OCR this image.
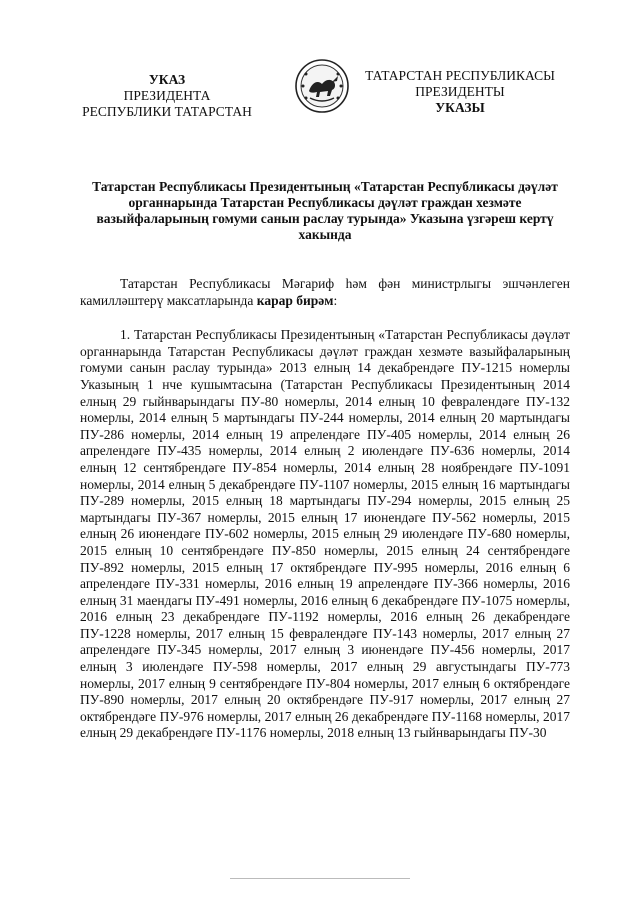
УКАЗ
ПРЕЗИДЕНТА
РЕСПУБЛИКИ ТАТАРСТАН
ТАТАРСТАН РЕСПУБЛИКАСЫ
ПРЕЗИДЕНТЫ
УКАЗЫ
Татарстан Республикасы Президентының «Татарстан Республикасы дәүләт органнарында Татарстан Республикасы дәүләт граждан хезмәте вазыйфаларының гомуми санын раслау турында» Указына үзгәреш кертү хакында

Татарстан Республикасы Мәгариф һәм фән министрлыгы эшчәнлеген камилләштерү максатларында карар бирәм:

1. Татарстан Республикасы Президентының «Татарстан Республикасы дәүләт органнарында Татарстан Республикасы дәүләт граждан хезмәте вазыйфаларының гомуми санын раслау турында» 2013 елның 14 декабрендәге ПУ-1215 номерлы Указының 1 нче кушымтасына (Татарстан Республикасы Президентының 2014 елның 29 гыйнварындагы ПУ-80 номерлы, 2014 елның 10 февралендәге ПУ-132 номерлы, 2014 елның 5 мартындагы ПУ-244 номерлы, 2014 елның 20 мартындагы ПУ-286 номерлы, 2014 елның 19 апрелендәге ПУ-405 номерлы, 2014 елның 26 апрелендәге ПУ-435 номерлы, 2014 елның 2 июлендәге ПУ-636 номерлы, 2014 елның 12 сентябрендәге ПУ-854 номерлы, 2014 елның 28 ноябрендәге ПУ-1091 номерлы, 2014 елның 5 декабрендәге ПУ-1107 номерлы, 2015 елның 16 мартындагы ПУ-289 номерлы, 2015 елның 18 мартындагы ПУ-294 номерлы, 2015 елның 25 мартындагы ПУ-367 номерлы, 2015 елның 17 июнендәге ПУ-562 номерлы, 2015 елның 26 июнендәге ПУ-602 номерлы, 2015 елның 29 июлендәге ПУ-680 номерлы, 2015 елның 10 сентябрендәге ПУ-850 номерлы, 2015 елның 24 сентябрендәге ПУ-892 номерлы, 2015 елның 17 октябрендәге ПУ-995 номерлы, 2016 елның 6 апрелендәге ПУ-331 номерлы, 2016 елның 19 апрелендәге ПУ-366 номерлы, 2016 елның 31 маендагы ПУ-491 номерлы, 2016 елның 6 декабрендәге ПУ-1075 номерлы, 2016 елның 23 декабрендәге ПУ-1192 номерлы, 2016 елның 26 декабрендәге ПУ-1228 номерлы, 2017 елның 15 февралендәге ПУ-143 номерлы, 2017 елның 27 апрелендәге ПУ-345 номерлы, 2017 елның 3 июнендәге ПУ-456 номерлы, 2017 елның 3 июлендәге ПУ-598 номерлы, 2017 елның 29 августындагы ПУ-773 номерлы, 2017 елның 9 сентябрендәге ПУ-804 номерлы, 2017 елның 6 октябрендәге ПУ-890 номерлы, 2017 елның 20 октябрендәге ПУ-917 номерлы, 2017 елның 27 октябрендәге ПУ-976 номерлы, 2017 елның 26 декабрендәге ПУ-1168 номерлы, 2017 елның 29 декабрендәге ПУ-1176 номерлы, 2018 елның 13 гыйнварындагы ПУ-30
